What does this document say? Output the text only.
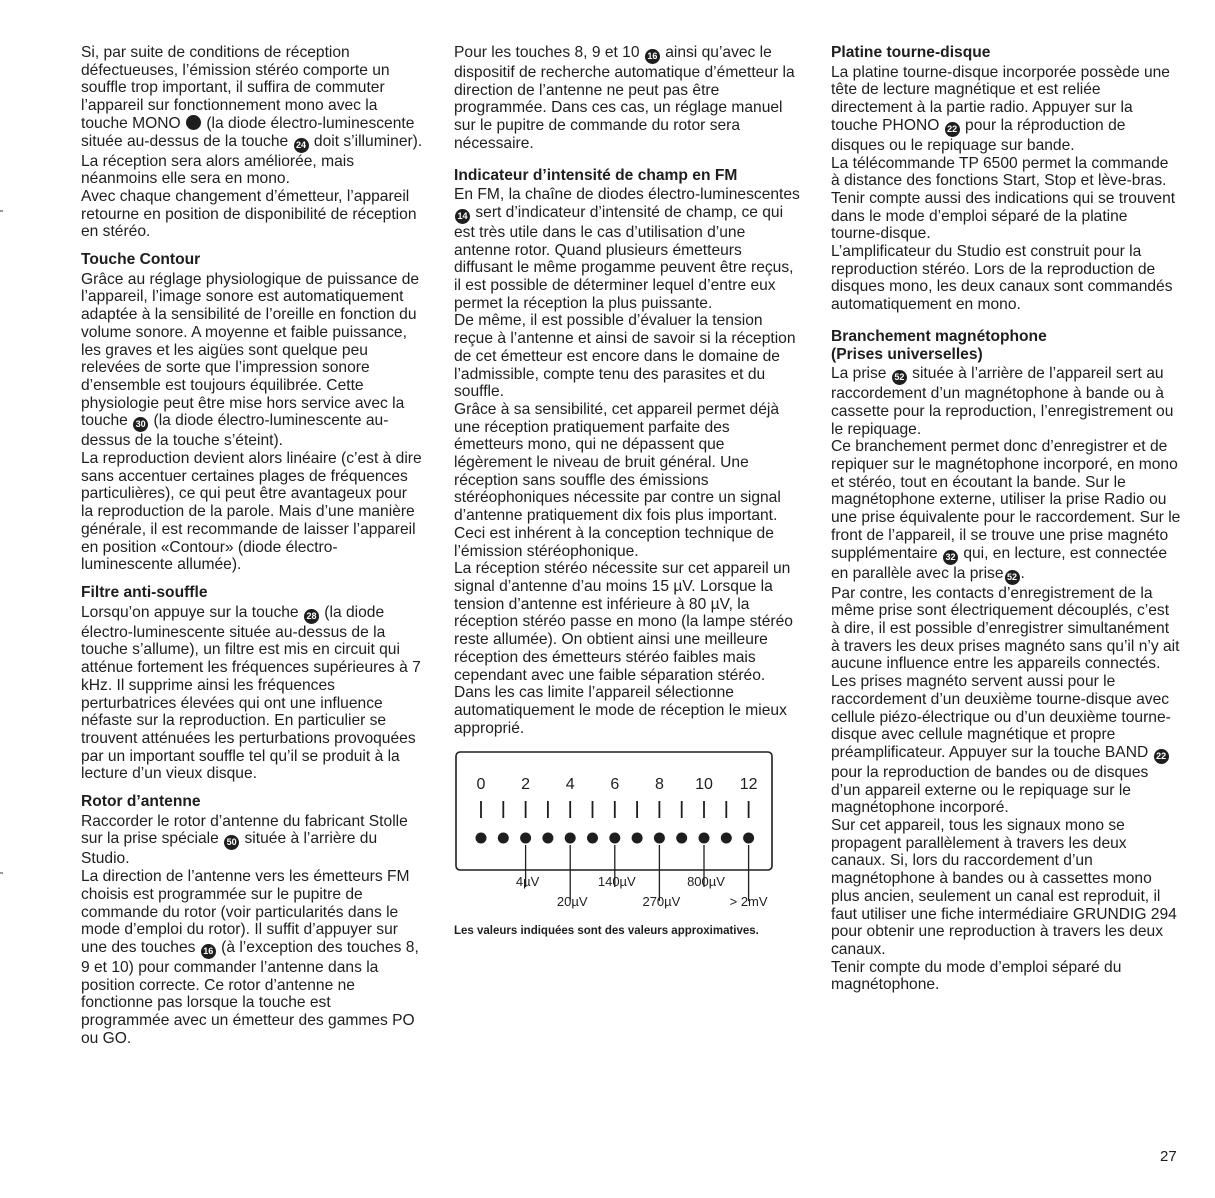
Si, par suite de conditions de réception défectueuses, l’émission stéréo comporte un souffle trop important, il suffira de commuter l’appareil sur fonctionnement mono avec la touche MONO (la diode électro-luminescente située au-dessus de la touche 24 doit s’illuminer). La réception sera alors améliorée, mais néanmoins elle sera en mono.

Avec chaque changement d’émetteur, l’appareil retourne en position de disponibilité de réception en stéréo.

Touche Contour

Grâce au réglage physiologique de puissance de l’appareil, l’image sonore est automatiquement adaptée à la sensibilité de l’oreille en fonction du volume sonore. A moyenne et faible puissance, les graves et les aigües sont quelque peu relevées de sorte que l’impression sonore d’ensemble est toujours équilibrée. Cette physiologie peut être mise hors service avec la touche 30 (la diode électro-luminescente au-dessus de la touche s’éteint).

La reproduction devient alors linéaire (c’est à dire sans accentuer certaines plages de fréquences particulières), ce qui peut être avantageux pour la reproduction de la parole. Mais d’une manière générale, il est recommande de laisser l’appareil en position «Contour» (diode électro-luminescente allumée).

Filtre anti-souffle

Lorsqu’on appuye sur la touche 28 (la diode électro-luminescente située au-dessus de la touche s’allume), un filtre est mis en circuit qui atténue fortement les fréquences supérieures à 7 kHz. Il supprime ainsi les fréquences perturbatrices élevées qui ont une influence néfaste sur la reproduction. En particulier se trouvent atténuées les perturbations provoquées par un important souffle tel qu’il se produit à la lecture d’un vieux disque.

Rotor d’antenne

Raccorder le rotor d’antenne du fabricant Stolle sur la prise spéciale 50 située à l’arrière du Studio.

La direction de l’antenne vers les émetteurs FM choisis est programmée sur le pupitre de commande du rotor (voir particularités dans le mode d’emploi du rotor). Il suffit d’appuyer sur une des touches 16 (à l’exception des touches 8, 9 et 10) pour commander l’antenne dans la position correcte. Ce rotor d’antenne ne fonctionne pas lorsque la touche est programmée avec un émetteur des gammes PO ou GO.

Pour les touches 8, 9 et 10 16 ainsi qu’avec le dispositif de recherche automatique d’émetteur la direction de l’antenne ne peut pas être programmée. Dans ces cas, un réglage manuel sur le pupitre de commande du rotor sera nécessaire.

Indicateur d’intensité de champ en FM

En FM, la chaîne de diodes électro-luminescentes 14 sert d’indicateur d’intensité de champ, ce qui est très utile dans le cas d’utilisation d’une antenne rotor. Quand plusieurs émetteurs diffusant le même progamme peuvent être reçus, il est possible de déterminer lequel d’entre eux permet la réception la plus puissante.

De même, il est possible d’évaluer la tension reçue à l’antenne et ainsi de savoir si la réception de cet émetteur est encore dans le domaine de l’admissible, compte tenu des parasites et du souffle.

Grâce à sa sensibilité, cet appareil permet déjà une réception pratiquement parfaite des émetteurs mono, qui ne dépassent que légèrement le niveau de bruit général. Une réception sans souffle des émissions stéréophoniques nécessite par contre un signal d’antenne pratiquement dix fois plus important. Ceci est inhérent à la conception technique de l’émission stéréophonique.

La réception stéréo nécessite sur cet appareil un signal d’antenne d’au moins 15 µV. Lorsque la tension d’antenne est inférieure à 80 µV, la réception stéréo passe en mono (la lampe stéréo reste allumée). On obtient ainsi une meilleure réception des émetteurs stéréo faibles mais cependant avec une faible séparation stéréo. Dans les cas limite l’appareil sélectionne automatiquement le mode de réception le mieux approprié.

0 2 4 6 8 10 12
4µV	140µV	800µV
20µV	270µV	> 2mV

Les valeurs indiquées sont des valeurs approximatives.

Platine tourne-disque

La platine tourne-disque incorporée possède une tête de lecture magnétique et est reliée directement à la partie radio. Appuyer sur la touche PHONO 22 pour la réproduction de disques ou le repiquage sur bande.

La télécommande TP 6500 permet la commande à distance des fonctions Start, Stop et lève-bras.

Tenir compte aussi des indications qui se trouvent dans le mode d’emploi séparé de la platine tourne-disque.

L’amplificateur du Studio est construit pour la reproduction stéréo. Lors de la reproduction de disques mono, les deux canaux sont commandés automatiquement en mono.

Branchement magnétophone
(Prises universelles)

La prise 52 située à l’arrière de l’appareil sert au raccordement d’un magnétophone à bande ou à cassette pour la reproduction, l’enregistrement ou le repiquage.

Ce branchement permet donc d’enregistrer et de repiquer sur le magnétophone incorporé, en mono et stéréo, tout en écoutant la bande. Sur le magnétophone externe, utiliser la prise Radio ou une prise équivalente pour le raccordement. Sur le front de l’appareil, il se trouve une prise magnéto supplémentaire 32 qui, en lecture, est connectée en parallèle avec la prise 52 .

Par contre, les contacts d’enregistrement de la même prise sont électriquement découplés, c’est à dire, il est possible d’enregistrer simultanément à travers les deux prises magnéto sans qu’il n’y ait aucune influence entre les appareils connectés. Les prises magnéto servent aussi pour le raccordement d’un deuxième tourne-disque avec cellule piézo-électrique ou d’un deuxième tourne-disque avec cellule magnétique et propre préamplificateur. Appuyer sur la touche BAND 22 pour la reproduction de bandes ou de disques d’un appareil externe ou le repiquage sur le magnétophone incorporé.

Sur cet appareil, tous les signaux mono se propagent parallèlement à travers les deux canaux. Si, lors du raccordement d’un magnétophone à bandes ou à cassettes mono plus ancien, seulement un canal est reproduit, il faut utiliser une fiche intermédiaire GRUNDIG 294 pour obtenir une reproduction à travers les deux canaux.

Tenir compte du mode d’emploi séparé du magnétophone.

27
